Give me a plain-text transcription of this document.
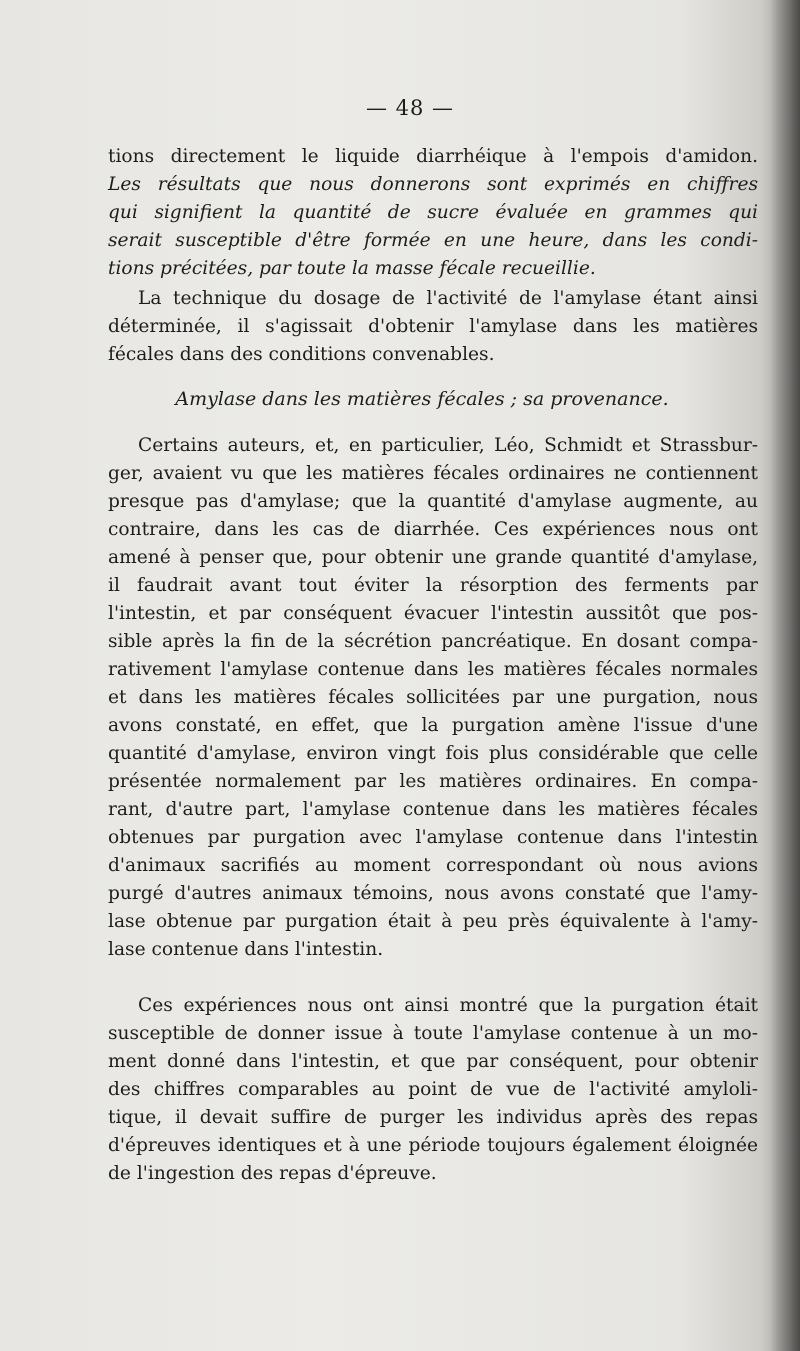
— 48 —
tions directement le liquide diarrhéique à l'empois d'amidon.
Les résultats que nous donnerons sont exprimés en chiffres
qui signifient la quantité de sucre évaluée en grammes qui
serait susceptible d'être formée en une heure, dans les condi-
tions précitées, par toute la masse fécale recueillie.
La technique du dosage de l'activité de l'amylase étant ainsi
déterminée, il s'agissait d'obtenir l'amylase dans les matières
fécales dans des conditions convenables.
Amylase dans les matières fécales ; sa provenance.
Certains auteurs, et, en particulier, Léo, Schmidt et Strassbur-
ger, avaient vu que les matières fécales ordinaires ne contiennent
presque pas d'amylase; que la quantité d'amylase augmente, au
contraire, dans les cas de diarrhée. Ces expériences nous ont
amené à penser que, pour obtenir une grande quantité d'amylase,
il faudrait avant tout éviter la résorption des ferments par
l'intestin, et par conséquent évacuer l'intestin aussitôt que pos-
sible après la fin de la sécrétion pancréatique. En dosant compa-
rativement l'amylase contenue dans les matières fécales normales
et dans les matières fécales sollicitées par une purgation, nous
avons constaté, en effet, que la purgation amène l'issue d'une
quantité d'amylase, environ vingt fois plus considérable que celle
présentée normalement par les matières ordinaires. En compa-
rant, d'autre part, l'amylase contenue dans les matières fécales
obtenues par purgation avec l'amylase contenue dans l'intestin
d'animaux sacrifiés au moment correspondant où nous avions
purgé d'autres animaux témoins, nous avons constaté que l'amy-
lase obtenue par purgation était à peu près équivalente à l'amy-
lase contenue dans l'intestin.
Ces expériences nous ont ainsi montré que la purgation était
susceptible de donner issue à toute l'amylase contenue à un mo-
ment donné dans l'intestin, et que par conséquent, pour obtenir
des chiffres comparables au point de vue de l'activité amyloli-
tique, il devait suffire de purger les individus après des repas
d'épreuves identiques et à une période toujours également éloignée
de l'ingestion des repas d'épreuve.
